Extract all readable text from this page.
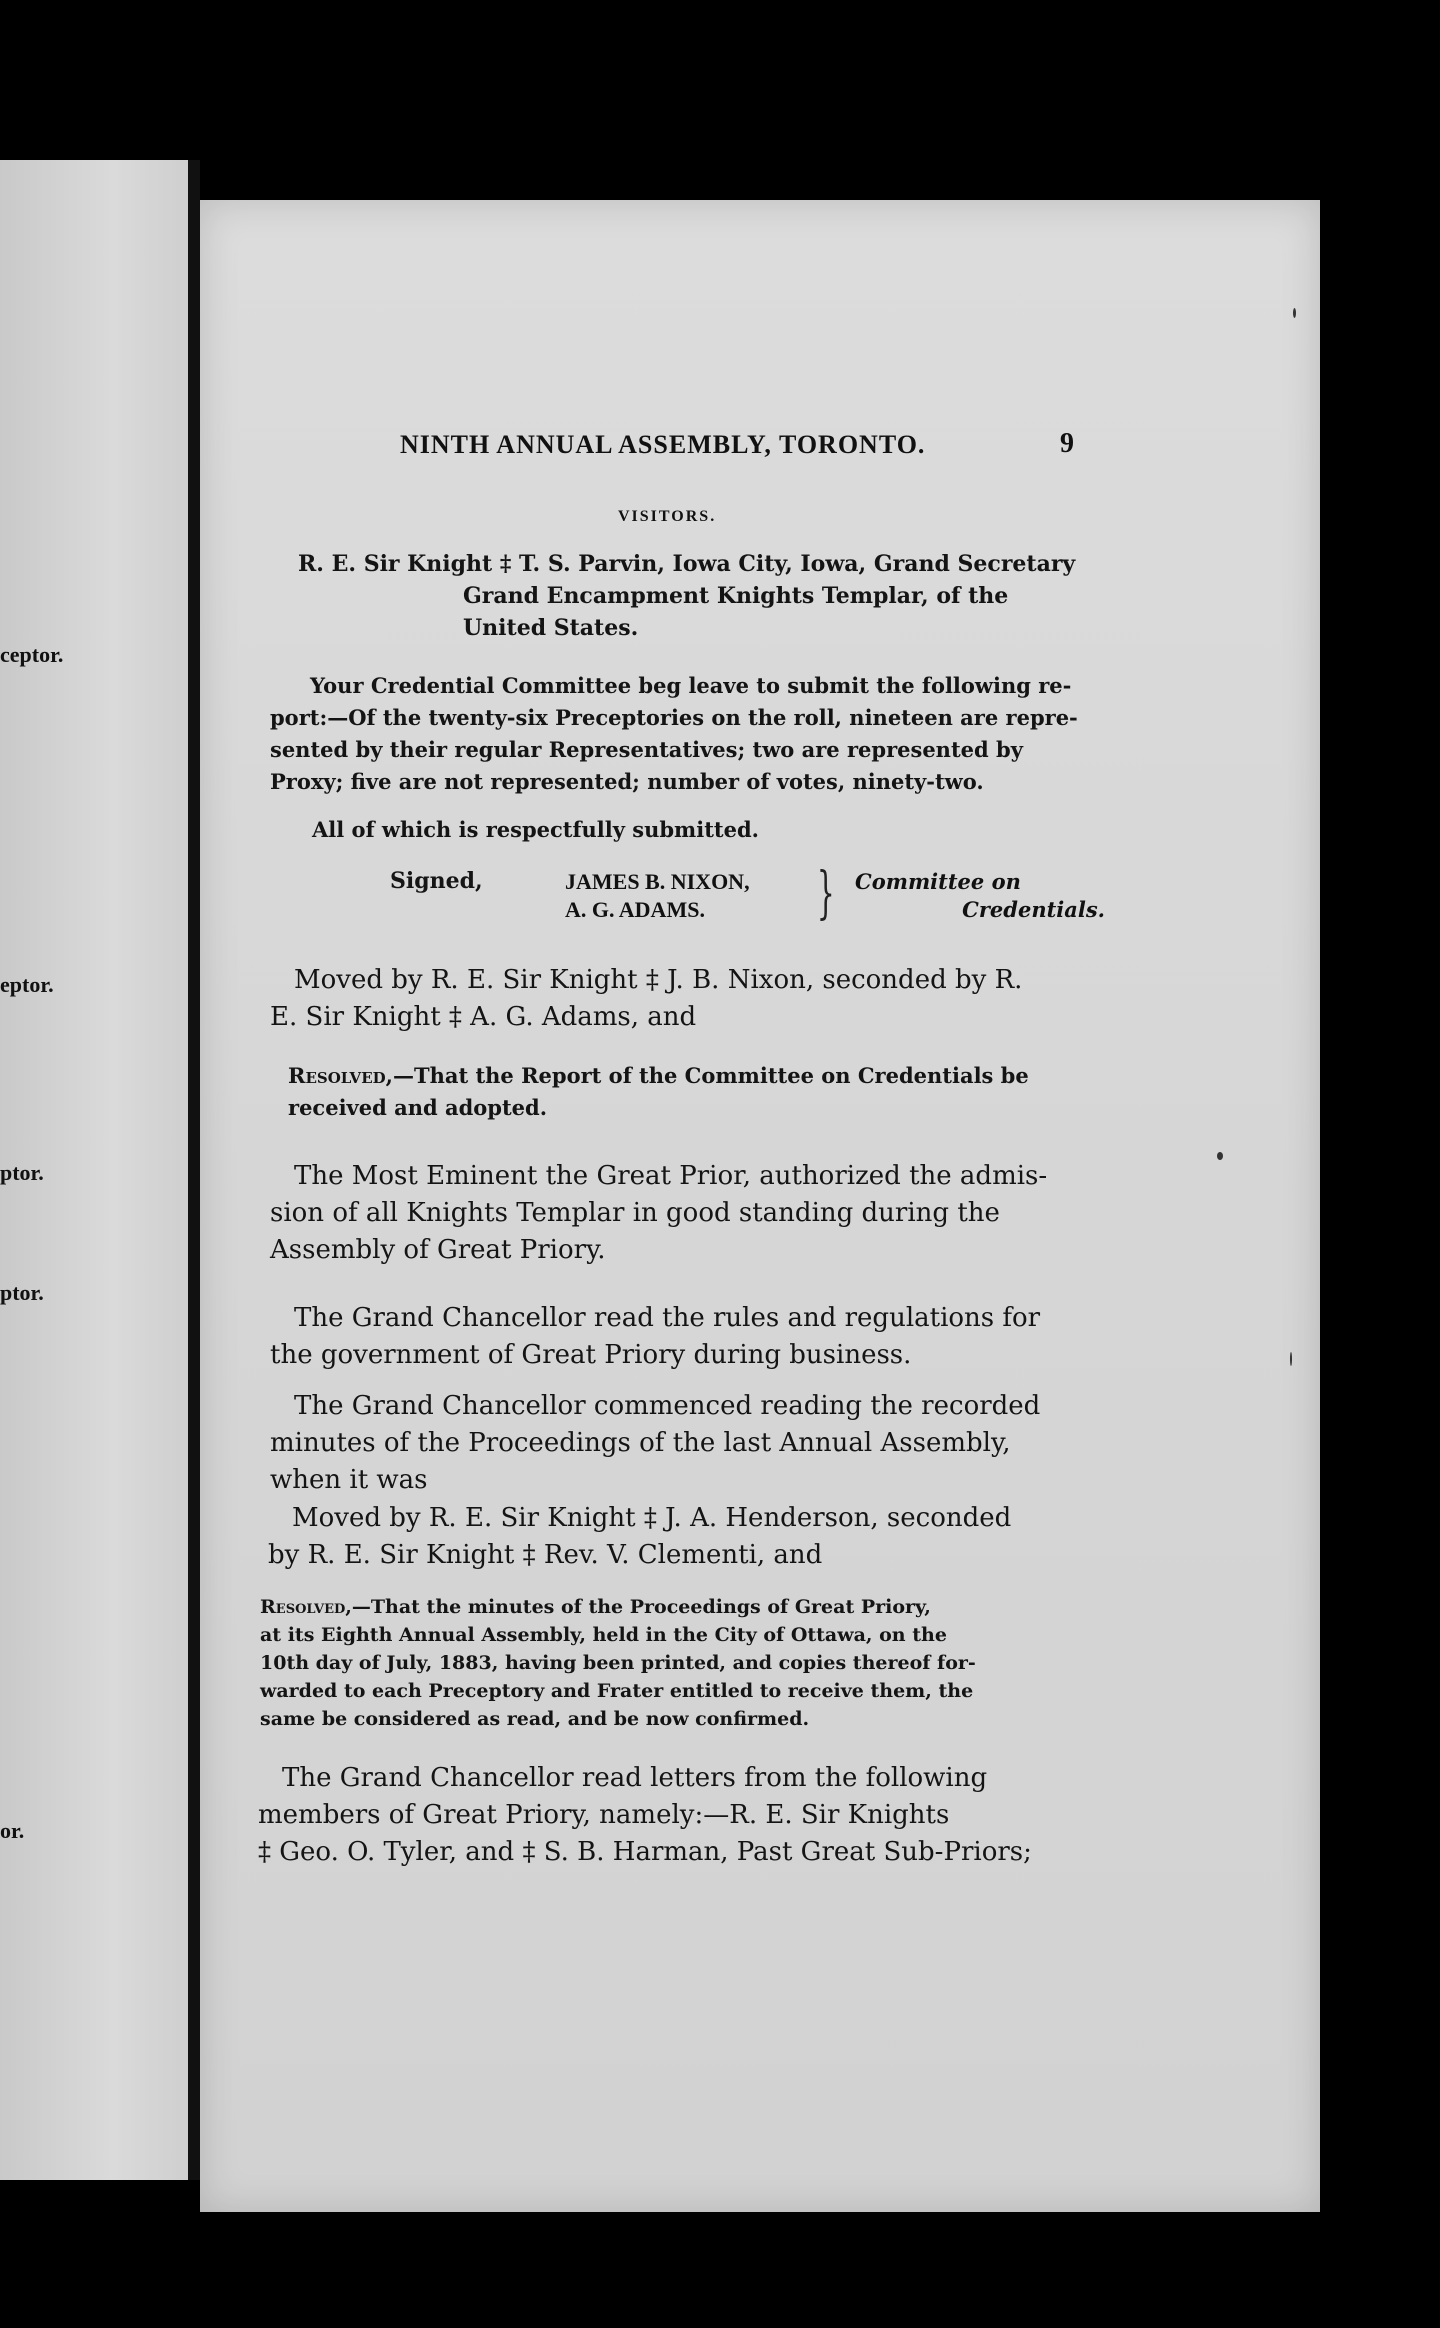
ceptor.
eptor.
ptor.
ptor.
or.
NINTH ANNUAL ASSEMBLY, TORONTO.	9
VISITORS.
R. E. Sir Knight ‡ T. S. Parvin, Iowa City, Iowa, Grand Secretary
Grand Encampment Knights Templar, of the
United States.
Your Credential Committee beg leave to submit the following re-
port:—Of the twenty-six Preceptories on the roll, nineteen are repre-
sented by their regular Representatives; two are represented by
Proxy; five are not represented; number of votes, ninety-two.
All of which is respectfully submitted.
Signed,	JAMES B. NIXON,
A. G. ADAMS.	} Committee on
Credentials.
Moved by R. E. Sir Knight ‡ J. B. Nixon, seconded by R.
E. Sir Knight ‡ A. G. Adams, and
Resolved,—That the Report of the Committee on Credentials be
received and adopted.
The Most Eminent the Great Prior, authorized the admis-
sion of all Knights Templar in good standing during the
Assembly of Great Priory.
The Grand Chancellor read the rules and regulations for
the government of Great Priory during business.
The Grand Chancellor commenced reading the recorded
minutes of the Proceedings of the last Annual Assembly,
when it was
Moved by R. E. Sir Knight ‡ J. A. Henderson, seconded
by R. E. Sir Knight ‡ Rev. V. Clementi, and
Resolved,—That the minutes of the Proceedings of Great Priory,
at its Eighth Annual Assembly, held in the City of Ottawa, on the
10th day of July, 1883, having been printed, and copies thereof for-
warded to each Preceptory and Frater entitled to receive them, the
same be considered as read, and be now confirmed.
The Grand Chancellor read letters from the following
members of Great Priory, namely:—R. E. Sir Knights
‡ Geo. O. Tyler, and ‡ S. B. Harman, Past Great Sub-Priors;
